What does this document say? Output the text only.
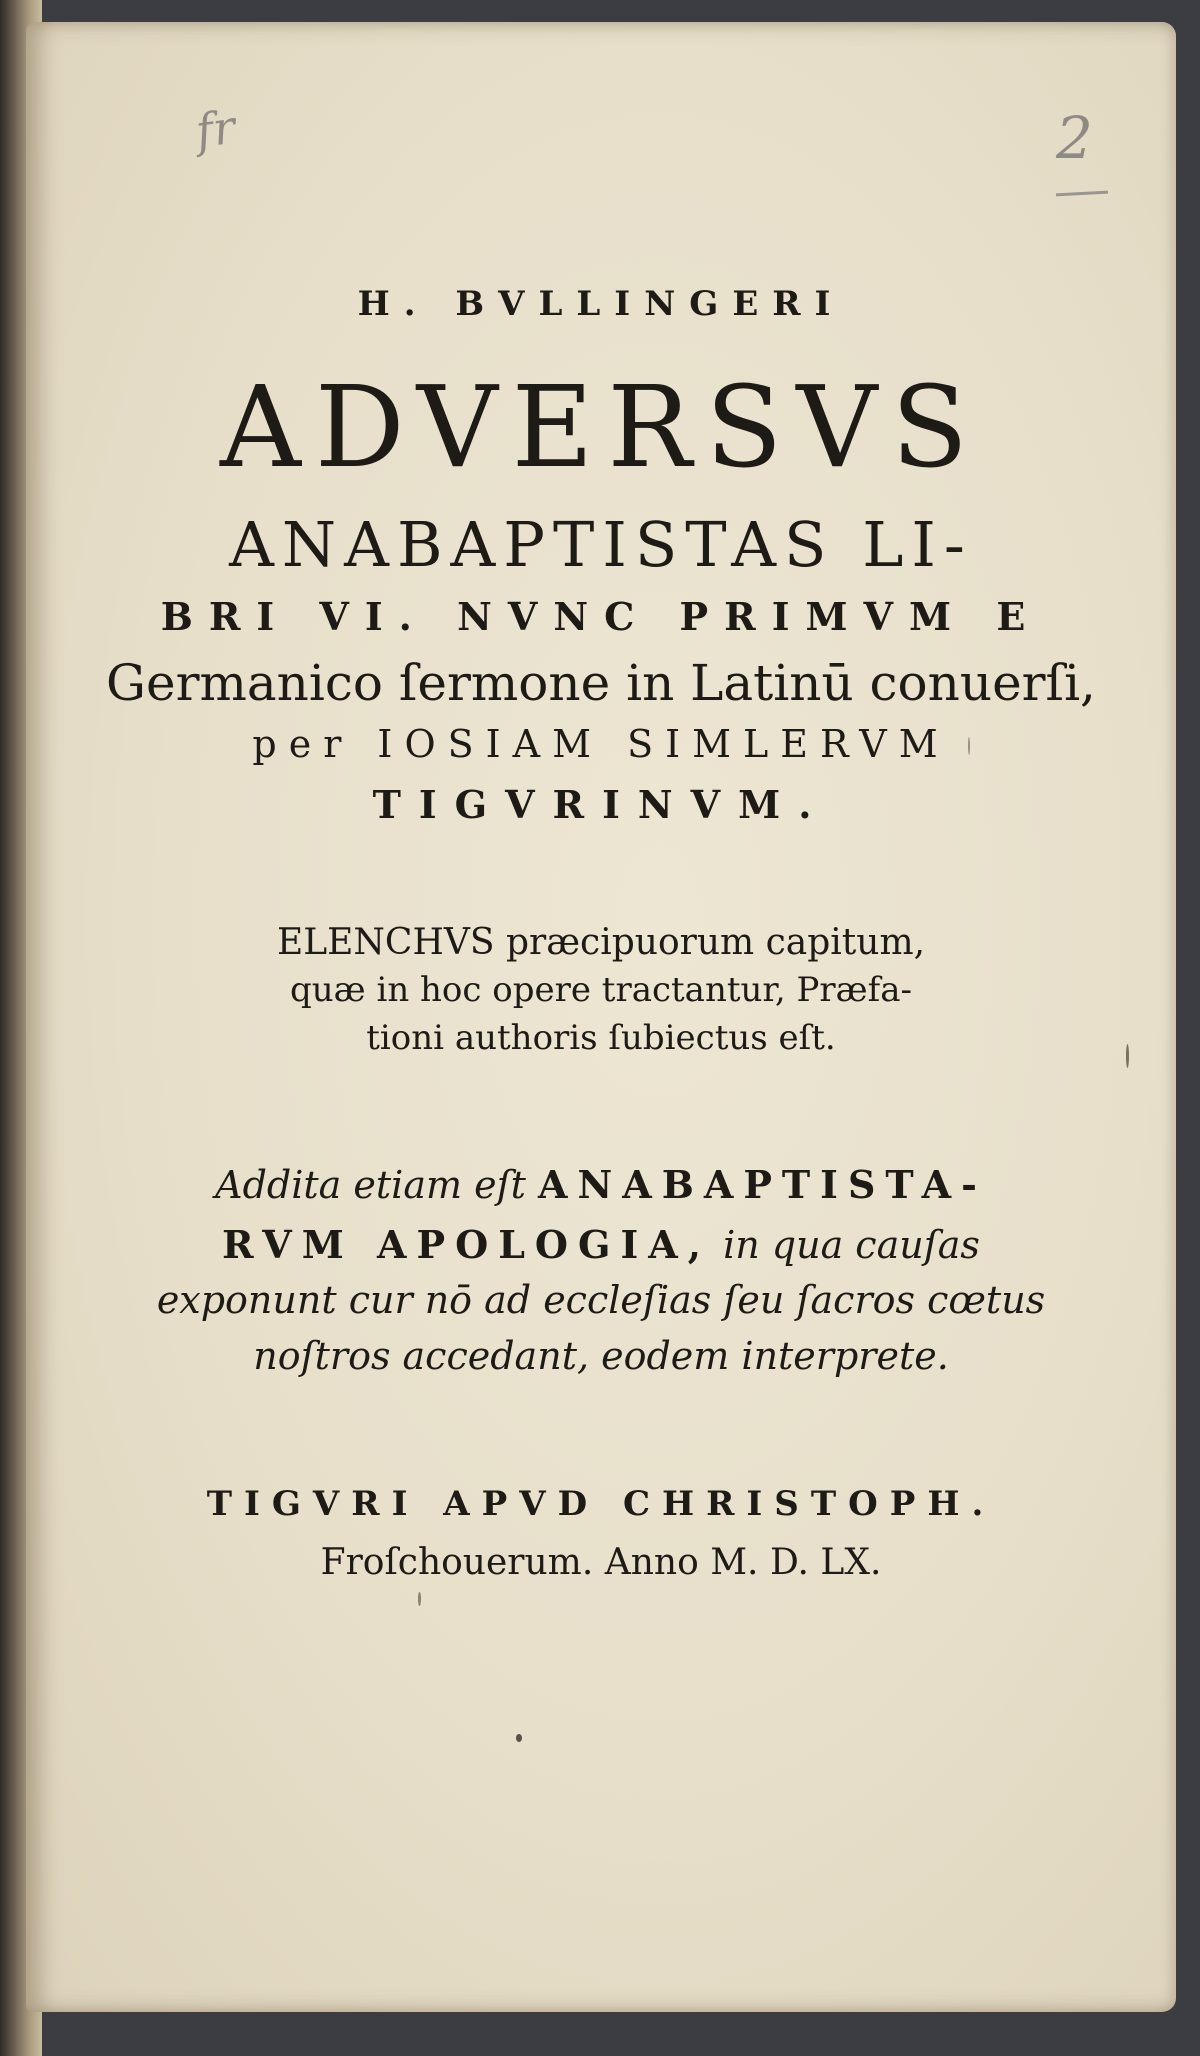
fr	2
H. BVLLINGERI
ADVERSVS
ANABAPTISTAS LI-
BRI VI. NVNC PRIMVM E
Germanico ſermone in Latinū conuerſi,
per IOSIAM SIMLERVM
TIGVRINVM.
ELENCHVS præcipuorum capitum,
quæ in hoc opere tractantur, Præfa-
tioni authoris ſubiectus eſt.
Addita etiam eſt ANABAPTISTA-
RVM APOLOGIA, in qua cauſas
exponunt cur nō ad eccleſias ſeu ſacros cœtus
noſtros accedant, eodem interprete.
TIGVRI APVD CHRISTOPH.
Froſchouerum. Anno M. D. LX.
